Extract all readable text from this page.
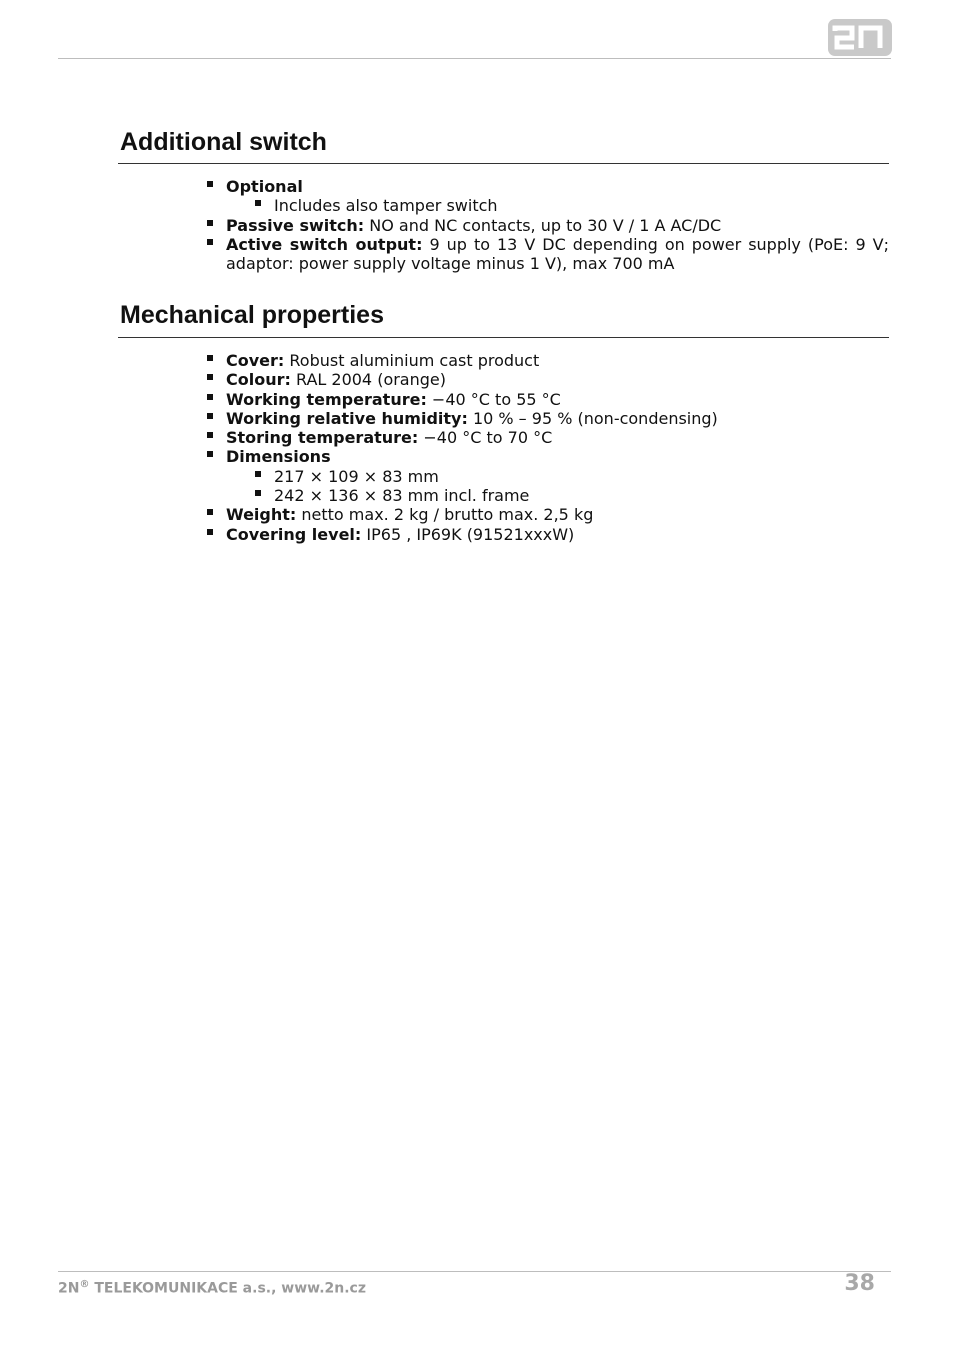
Additional switch
Optional
Includes also tamper switch
Passive switch: NO and NC contacts, up to 30 V / 1 A AC/DC
Active switch output: 9 up to 13 V DC depending on power supply (PoE: 9 V; adaptor: power supply voltage minus 1 V), max 700 mA
Mechanical properties
Cover: Robust aluminium cast product
Colour: RAL 2004 (orange)
Working temperature: −40 °C to 55 °C
Working relative humidity: 10 % – 95 % (non-condensing)
Storing temperature: −40 °C to 70 °C
Dimensions
217 × 109 × 83 mm
242 × 136 × 83 mm incl. frame
Weight: netto max. 2 kg / brutto max. 2,5 kg
Covering level: IP65 , IP69K (91521xxxW)
2N® TELEKOMUNIKACE a.s., www.2n.cz	38
